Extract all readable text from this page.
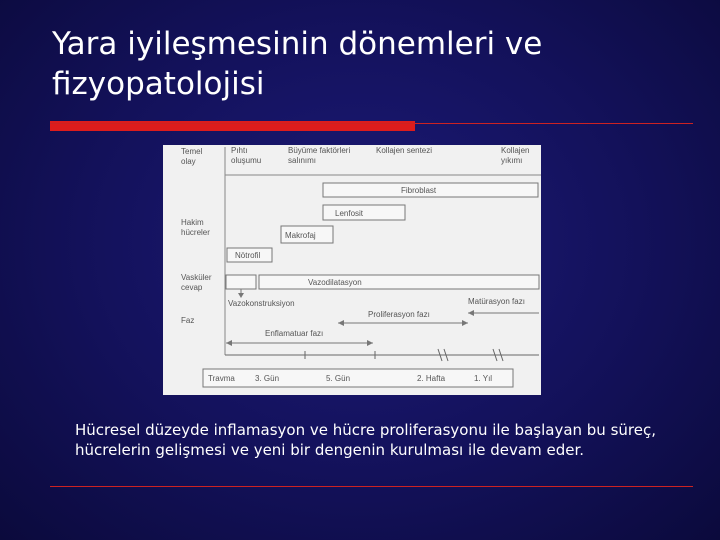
Yara iyileşmesinin dönemleri ve
fizyopatolojisi
Temel
olay
Hakim
hücreler
Vasküler
cevap
Faz
Pıhtı
oluşumu
Büyüme faktörleri
salınımı
Kollajen sentezi	Kollajen
yıkımı
Fibroblast
Lenfosit
Makrofaj
Nötrofil
Vazodilatasyon
Vazokonstruksiyon	Matürasyon fazı
Proliferasyon fazı
Enflamatuar fazı
Travma	3. Gün	5. Gün	2. Hafta	1. Yıl

Hücresel düzeyde inflamasyon ve hücre proliferasyonu ile başlayan bu süreç, hücrelerin gelişmesi ve yeni bir dengenin kurulması ile devam eder.
